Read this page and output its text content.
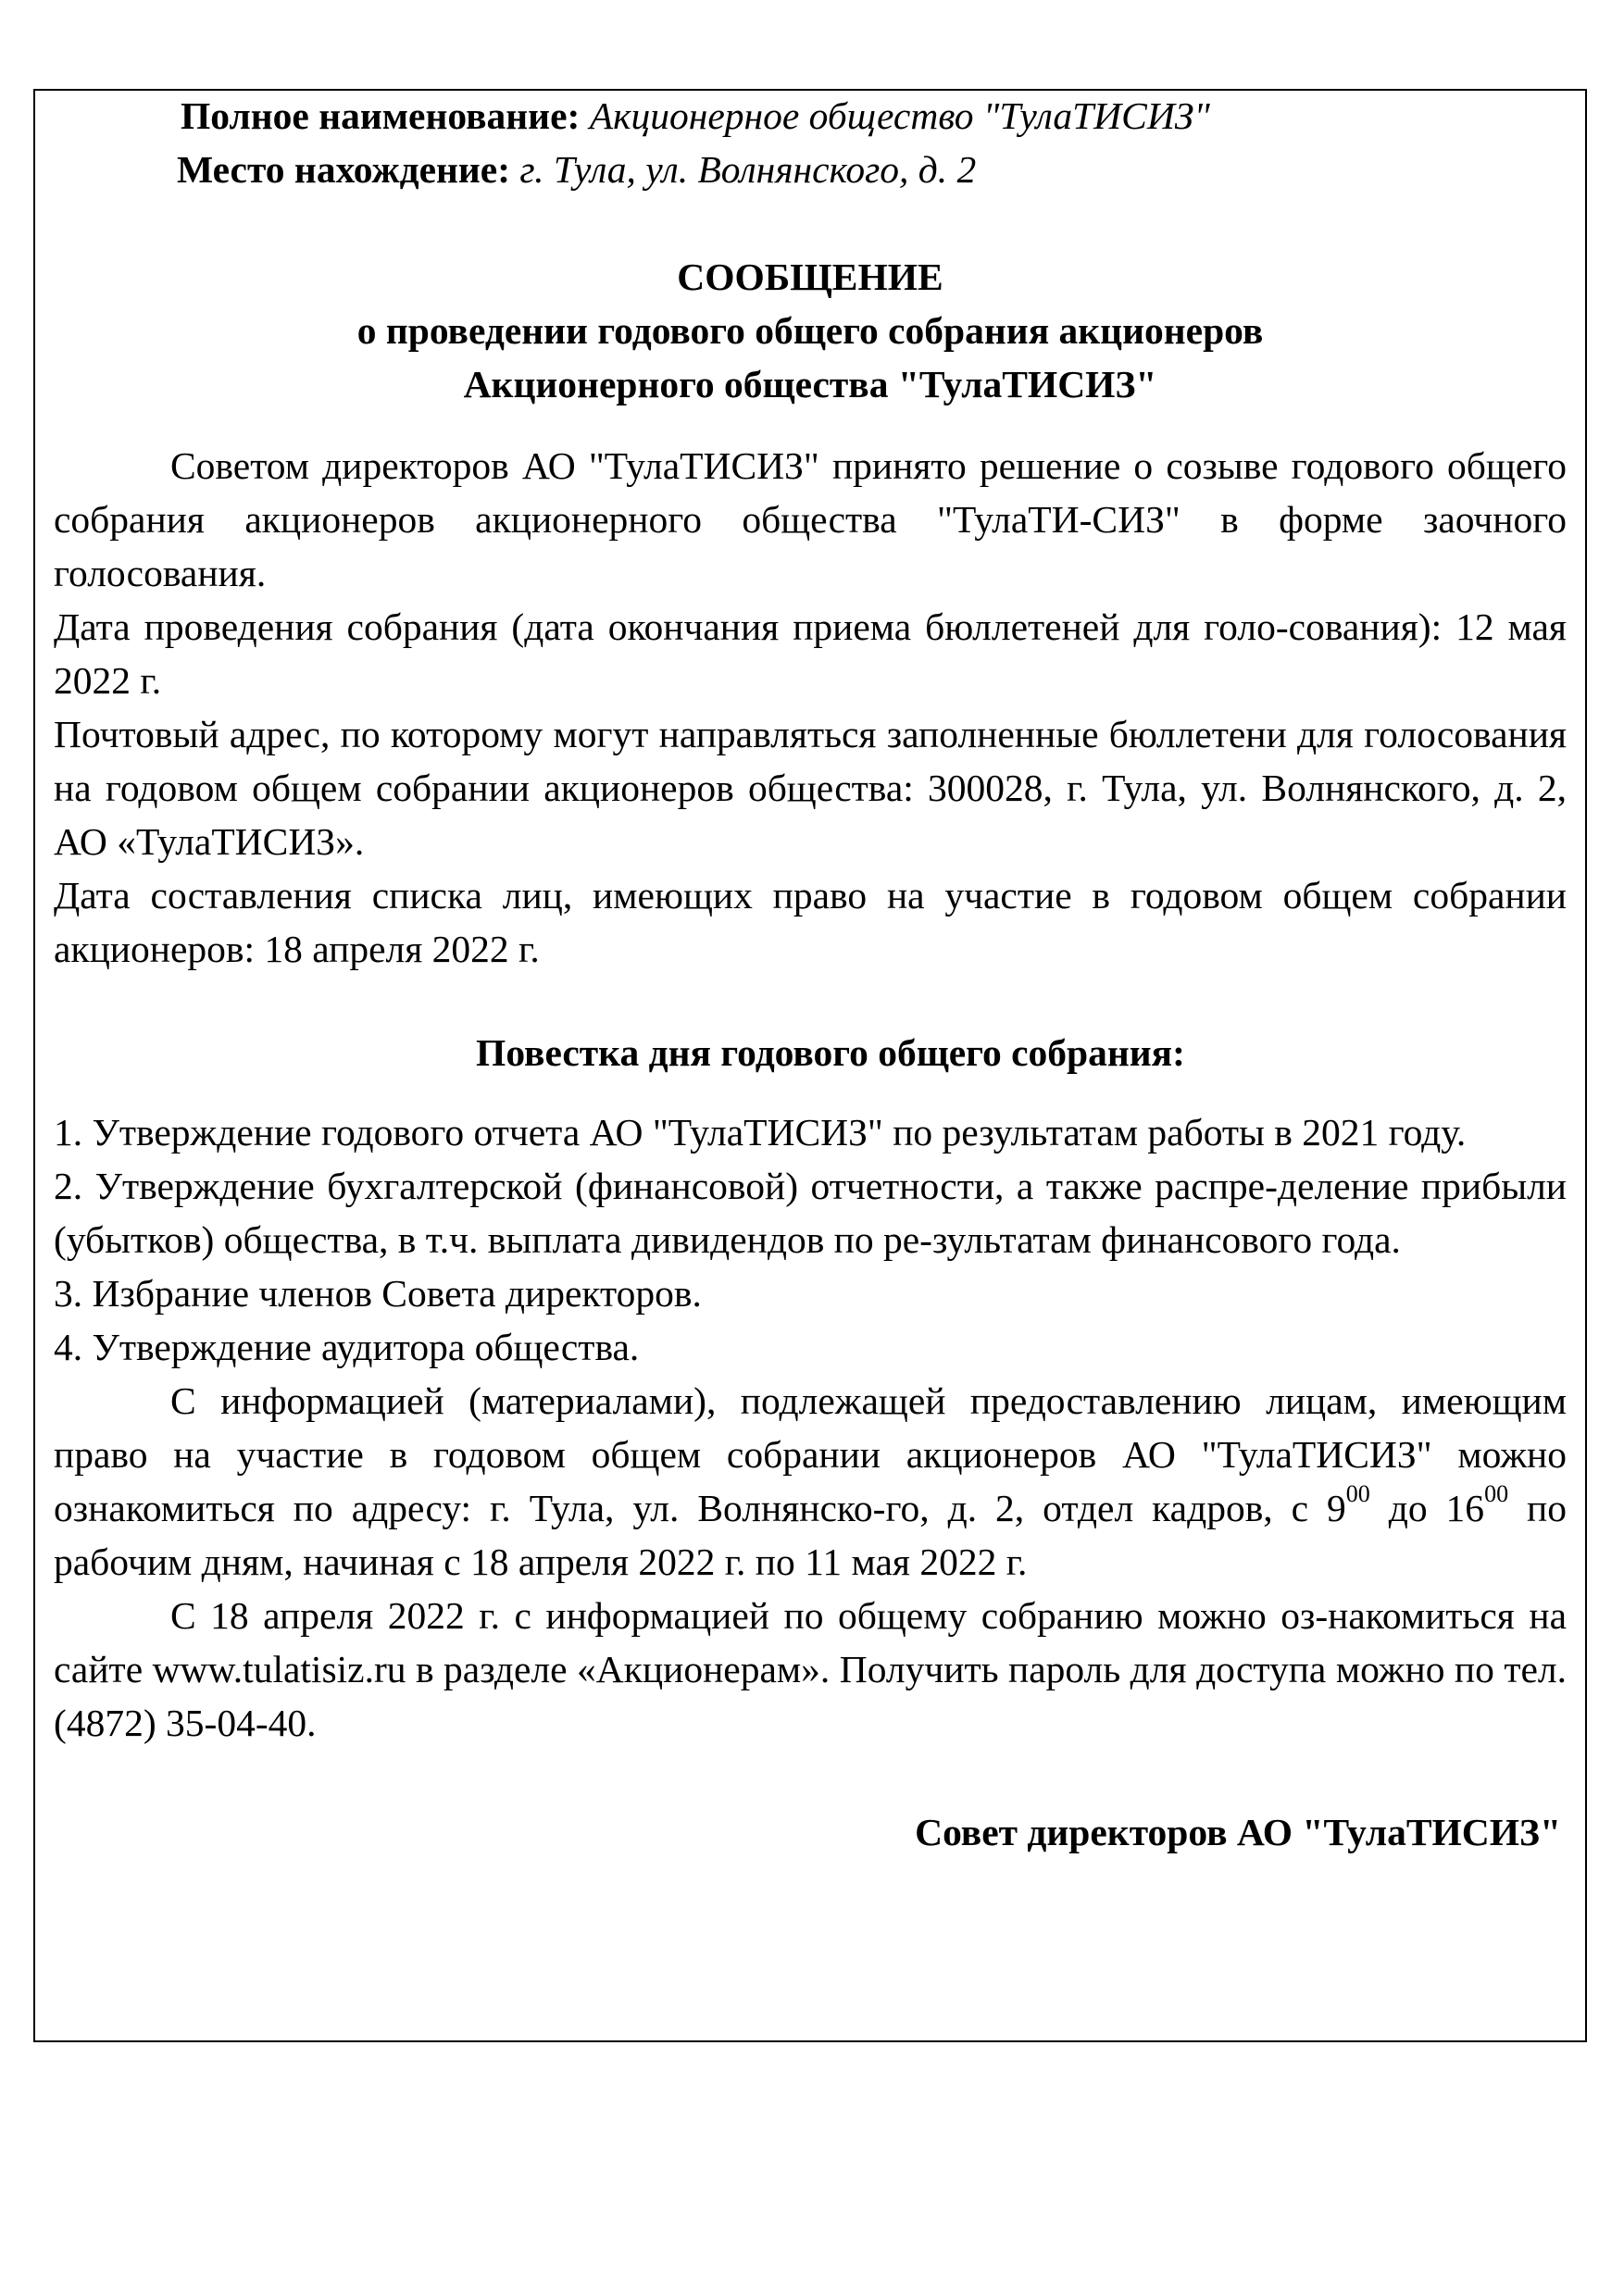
Полное наименование: Акционерное общество "ТулаТИСИЗ"
Место нахождение: г. Тула, ул. Волнянского, д. 2
СООБЩЕНИЕ
о проведении годового общего собрания акционеров
Акционерного общества "ТулаТИСИЗ"

Советом директоров АО "ТулаТИСИЗ" принято решение о созыве годового общего собрания акционеров акционерного общества "ТулаТИ-СИЗ" в форме заочного голосования.

Дата проведения собрания (дата окончания приема бюллетеней для голо-сования): 12 мая 2022 г.

Почтовый адрес, по которому могут направляться заполненные бюллетени для голосования на годовом общем собрании акционеров общества: 300028, г. Тула, ул. Волнянского, д. 2, АО «ТулаТИСИЗ».

Дата составления списка лиц, имеющих право на участие в годовом общем собрании акционеров: 18 апреля 2022 г.

Повестка дня годового общего собрания:

1. Утверждение годового отчета АО "ТулаТИСИЗ" по результатам работы в 2021 году.

2. Утверждение бухгалтерской (финансовой) отчетности, а также распре-деление прибыли (убытков) общества, в т.ч. выплата дивидендов по ре-зультатам финансового года.

3. Избрание членов Совета директоров.

4. Утверждение аудитора общества.

С информацией (материалами), подлежащей предоставлению лицам, имеющим право на участие в годовом общем собрании акционеров АО "ТулаТИСИЗ" можно ознакомиться по адресу: г. Тула, ул. Волнянско-го, д. 2, отдел кадров, с $9^{00}$ до $16^{00}$ по рабочим дням, начиная с 18 апреля 2022 г. по 11 мая 2022 г.

С 18 апреля 2022 г. с информацией по общему собранию можно оз-накомиться на сайте www.tulatisiz.ru в разделе «Акционерам». Получить пароль для доступа можно по тел. (4872) 35-04-40.

Совет директоров АО "ТулаТИСИЗ"
